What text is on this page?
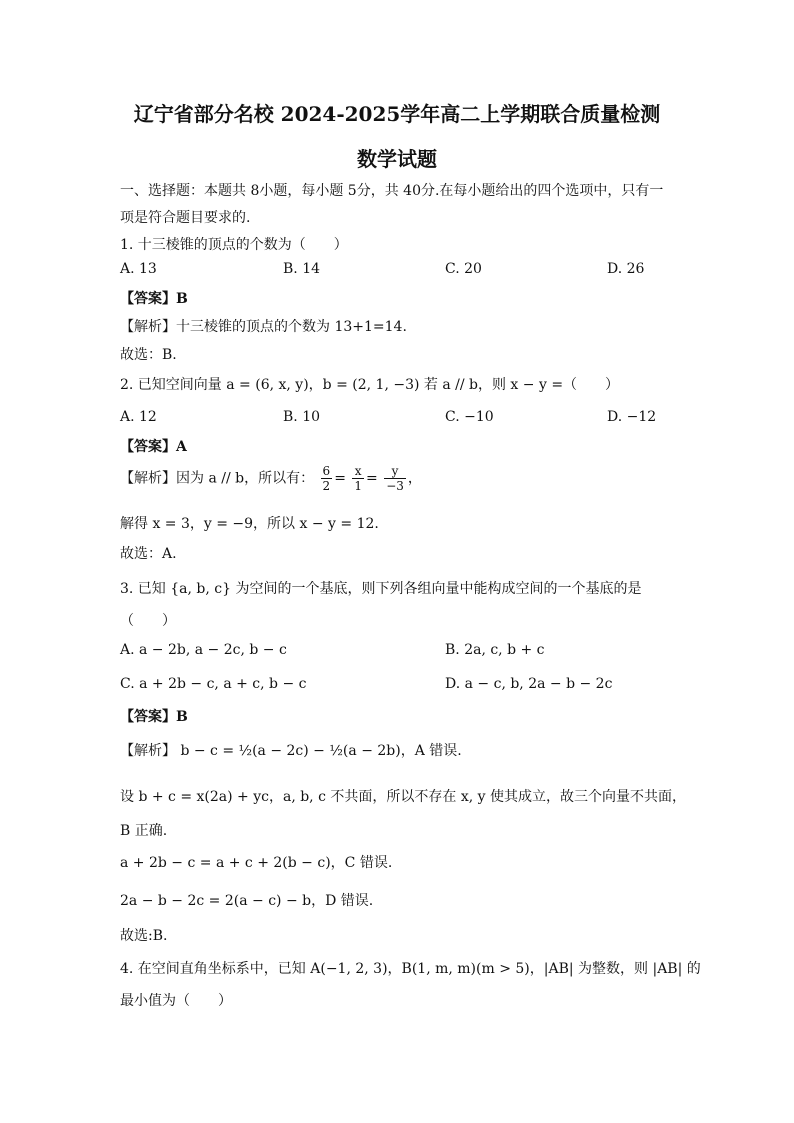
辽宁省部分名校 2024-2025学年高二上学期联合质量检测
数学试题
一、选择题：本题共 8小题，每小题 5分，共 40分.在每小题给出的四个选项中，只有一
项是符合题目要求的.
1. 十三棱锥的顶点的个数为（　　）
A. 13	B. 14	C. 20	D. 26
【答案】B
【解析】十三棱锥的顶点的个数为 13+1=14.
故选：B.
2. 已知空间向量 a = (6, x, y)，b = (2, 1, −3) 若 a // b，则 x − y =（　　）
A. 12	B. 10	C. −10	D. −12
【答案】A
【解析】因为 a // b，所以有： $\frac{6}{2} = \frac{x}{1} = \frac{y}{-3}$ ，
解得 x = 3，y = −9，所以 x − y = 12.
故选：A.
3. 已知 {a, b, c} 为空间的一个基底，则下列各组向量中能构成空间的一个基底的是
（　　）
A. a − 2b, a − 2c, b − c	B. 2a, c, b + c
C. a + 2b − c, a + c, b − c	D. a − c, b, 2a − b − 2c
【答案】B
【解析】 b − c = ½(a − 2c) − ½(a − 2b)，A 错误.
设 b + c = x(2a) + yc，a, b, c 不共面，所以不存在 x, y 使其成立，故三个向量不共面，
B 正确.
a + 2b − c = a + c + 2(b − c)，C 错误.
2a − b − 2c = 2(a − c) − b，D 错误.
故选:B.
4. 在空间直角坐标系中，已知 A(−1, 2, 3)，B(1, m, m)(m > 5)，|AB| 为整数，则 |AB| 的
最小值为（　　）
